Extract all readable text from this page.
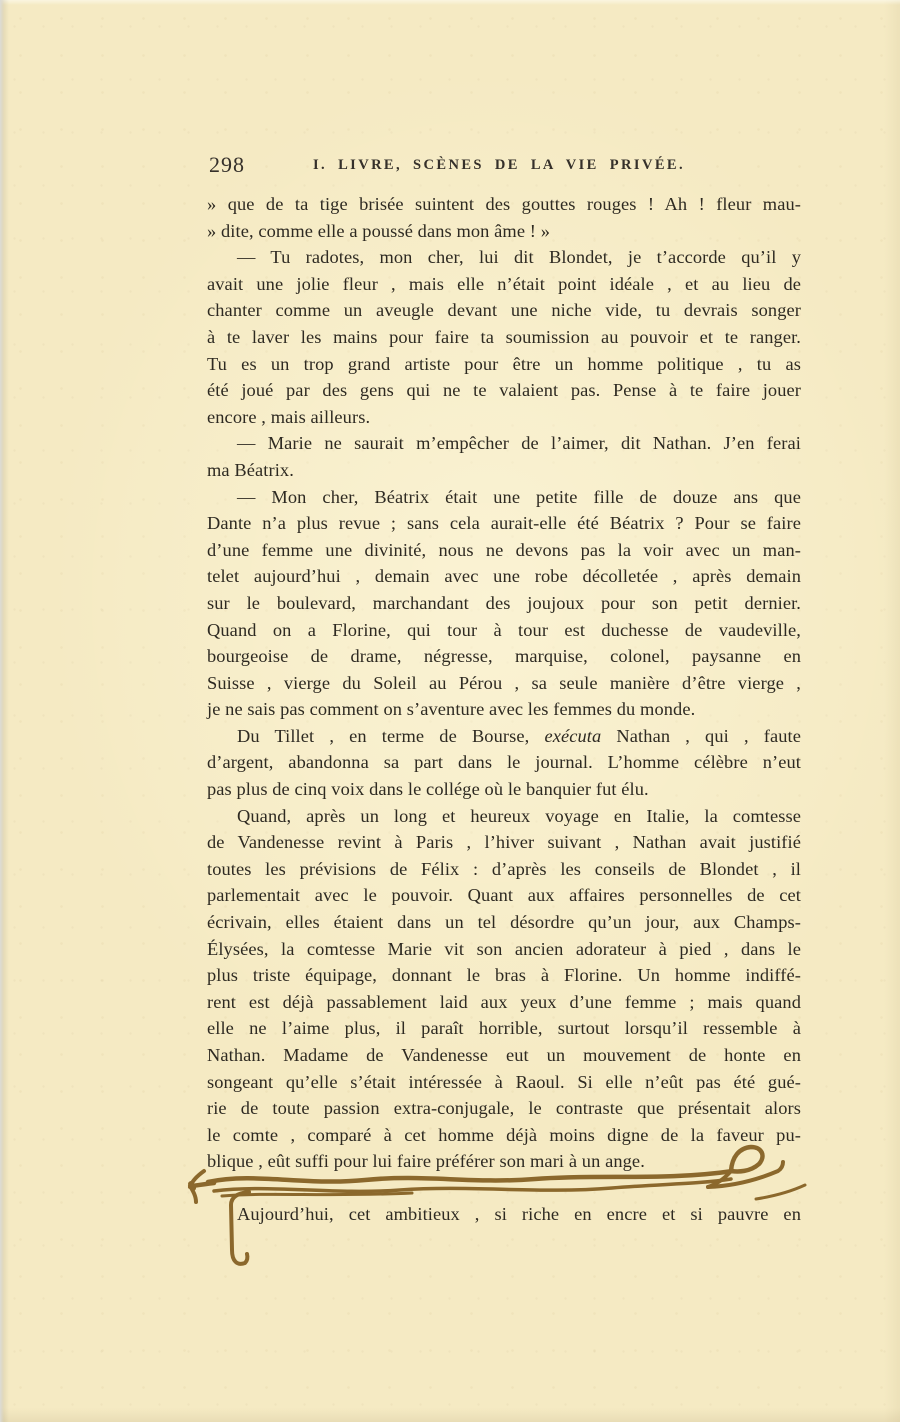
298	I. LIVRE, SCÈNES DE LA VIE PRIVÉE.
» que de ta tige brisée suintent des gouttes rouges ! Ah ! fleur mau-
» dite, comme elle a poussé dans mon âme ! »
— Tu radotes, mon cher, lui dit Blondet, je t’accorde qu’il y
avait une jolie fleur , mais elle n’était point idéale , et au lieu de
chanter comme un aveugle devant une niche vide, tu devrais songer
à te laver les mains pour faire ta soumission au pouvoir et te ranger.
Tu es un trop grand artiste pour être un homme politique , tu as
été joué par des gens qui ne te valaient pas. Pense à te faire jouer
encore , mais ailleurs.
— Marie ne saurait m’empêcher de l’aimer, dit Nathan. J’en ferai
ma Béatrix.
— Mon cher, Béatrix était une petite fille de douze ans que
Dante n’a plus revue ; sans cela aurait-elle été Béatrix ? Pour se faire
d’une femme une divinité, nous ne devons pas la voir avec un man-
telet aujourd’hui , demain avec une robe décolletée , après demain
sur le boulevard, marchandant des joujoux pour son petit dernier.
Quand on a Florine, qui tour à tour est duchesse de vaudeville,
bourgeoise de drame, négresse, marquise, colonel, paysanne en
Suisse , vierge du Soleil au Pérou , sa seule manière d’être vierge ,
je ne sais pas comment on s’aventure avec les femmes du monde.
Du Tillet , en terme de Bourse, exécuta Nathan , qui , faute
d’argent, abandonna sa part dans le journal. L’homme célèbre n’eut
pas plus de cinq voix dans le collége où le banquier fut élu.
Quand, après un long et heureux voyage en Italie, la comtesse
de Vandenesse revint à Paris , l’hiver suivant , Nathan avait justifié
toutes les prévisions de Félix : d’après les conseils de Blondet , il
parlementait avec le pouvoir. Quant aux affaires personnelles de cet
écrivain, elles étaient dans un tel désordre qu’un jour, aux Champs-
Élysées, la comtesse Marie vit son ancien adorateur à pied , dans le
plus triste équipage, donnant le bras à Florine. Un homme indiffé-
rent est déjà passablement laid aux yeux d’une femme ; mais quand
elle ne l’aime plus, il paraît horrible, surtout lorsqu’il ressemble à
Nathan. Madame de Vandenesse eut un mouvement de honte en
songeant qu’elle s’était intéressée à Raoul. Si elle n’eût pas été gué-
rie de toute passion extra-conjugale, le contraste que présentait alors
le comte , comparé à cet homme déjà moins digne de la faveur pu-
blique , eût suffi pour lui faire préférer son mari à un ange.
Aujourd’hui, cet ambitieux , si riche en encre et si pauvre en
